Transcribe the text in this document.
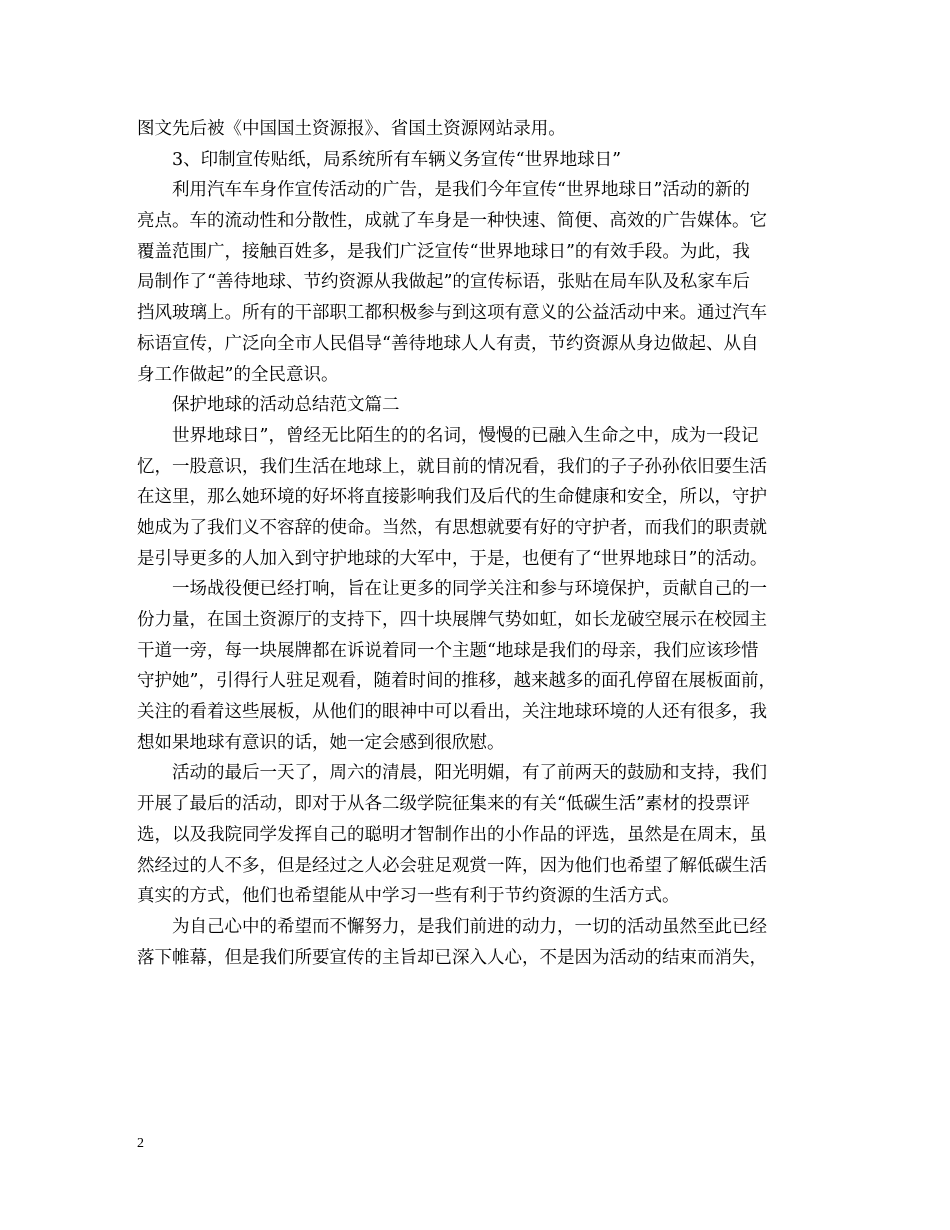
图文先后被《中国国土资源报》、省国土资源网站录用。
3、印制宣传贴纸，局系统所有车辆义务宣传“世界地球日”
利用汽车车身作宣传活动的广告，是我们今年宣传“世界地球日”活动的新的
亮点。车的流动性和分散性，成就了车身是一种快速、简便、高效的广告媒体。它
覆盖范围广，接触百姓多，是我们广泛宣传“世界地球日”的有效手段。为此，我
局制作了“善待地球、节约资源从我做起”的宣传标语，张贴在局车队及私家车后
挡风玻璃上。所有的干部职工都积极参与到这项有意义的公益活动中来。通过汽车
标语宣传，广泛向全市人民倡导“善待地球人人有责，节约资源从身边做起、从自
身工作做起”的全民意识。
保护地球的活动总结范文篇二
世界地球日”，曾经无比陌生的的名词，慢慢的已融入生命之中，成为一段记
忆，一股意识，我们生活在地球上，就目前的情况看，我们的子子孙孙依旧要生活
在这里，那么她环境的好坏将直接影响我们及后代的生命健康和安全，所以，守护
她成为了我们义不容辞的使命。当然，有思想就要有好的守护者，而我们的职责就
是引导更多的人加入到守护地球的大军中，于是，也便有了“世界地球日”的活动。
一场战役便已经打响，旨在让更多的同学关注和参与环境保护，贡献自己的一
份力量，在国土资源厅的支持下，四十块展牌气势如虹，如长龙破空展示在校园主
干道一旁，每一块展牌都在诉说着同一个主题“地球是我们的母亲，我们应该珍惜
守护她”，引得行人驻足观看，随着时间的推移，越来越多的面孔停留在展板面前，
关注的看着这些展板，从他们的眼神中可以看出，关注地球环境的人还有很多，我
想如果地球有意识的话，她一定会感到很欣慰。
活动的最后一天了，周六的清晨，阳光明媚，有了前两天的鼓励和支持，我们
开展了最后的活动，即对于从各二级学院征集来的有关“低碳生活”素材的投票评
选，以及我院同学发挥自己的聪明才智制作出的小作品的评选，虽然是在周末，虽
然经过的人不多，但是经过之人必会驻足观赏一阵，因为他们也希望了解低碳生活
真实的方式，他们也希望能从中学习一些有利于节约资源的生活方式。
为自己心中的希望而不懈努力，是我们前进的动力，一切的活动虽然至此已经
落下帷幕，但是我们所要宣传的主旨却已深入人心，不是因为活动的结束而消失，
2
